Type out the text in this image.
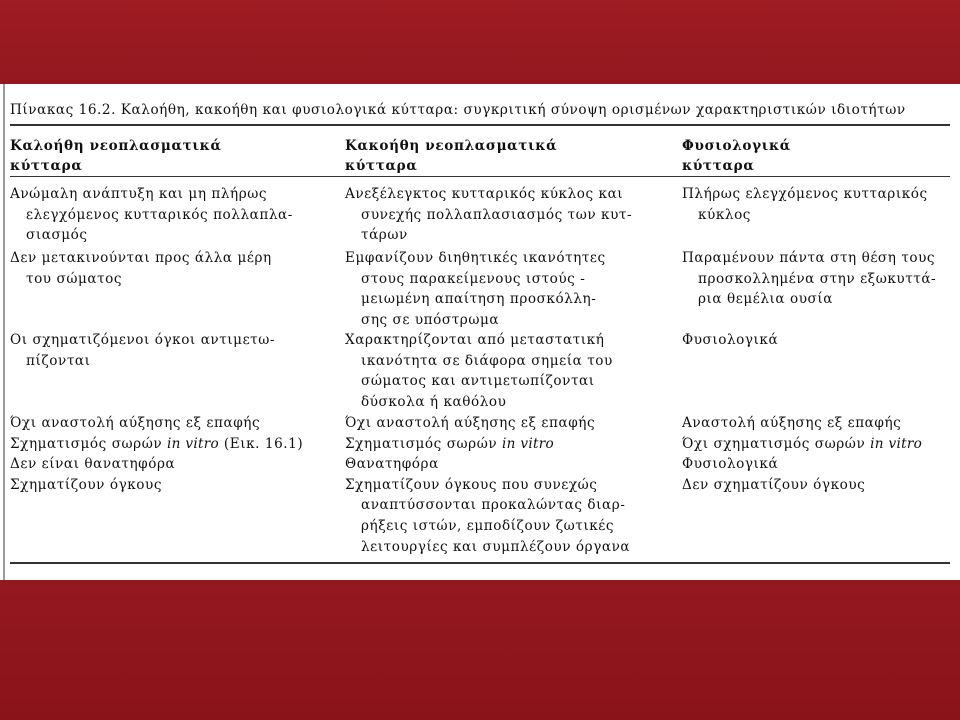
Πίνακας 16.2. Καλοήθη, κακοήθη και φυσιολογικά κύτταρα: συγκριτική σύνοψη ορισμένων χαρακτηριστικών ιδιοτήτων
Καλοήθη νεοπλασματικά
κύτταρα
Κακοήθη νεοπλασματικά
κύτταρα
Φυσιολογικά
κύτταρα
Ανώμαλη ανάπτυξη και μη πλήρως
ελεγχόμενος κυτταρικός πολλαπλα-
σιασμός
Δεν μετακινούνται προς άλλα μέρη
του σώματος
Οι σχηματιζόμενοι όγκοι αντιμετω-
πίζονται
Όχι αναστολή αύξησης εξ επαφής
Σχηματισμός σωρών in vitro (Εικ. 16.1)
Δεν είναι θανατηφόρα
Σχηματίζουν όγκους
Ανεξέλεγκτος κυτταρικός κύκλος και
συνεχής πολλαπλασιασμός των κυτ-
τάρων
Εμφανίζουν διηθητικές ικανότητες
στους παρακείμενους ιστούς -
μειωμένη απαίτηση προσκόλλη-
σης σε υπόστρωμα
Χαρακτηρίζονται από μεταστατική
ικανότητα σε διάφορα σημεία του
σώματος και αντιμετωπίζονται
δύσκολα ή καθόλου
Όχι αναστολή αύξησης εξ επαφής
Σχηματισμός σωρών in vitro
Θανατηφόρα
Σχηματίζουν όγκους που συνεχώς
αναπτύσσονται προκαλώντας διαρ-
ρήξεις ιστών, εμποδίζουν ζωτικές
λειτουργίες και συμπλέζουν όργανα
Πλήρως ελεγχόμενος κυτταρικός
κύκλος
Παραμένουν πάντα στη θέση τους
προσκολλημένα στην εξωκυττά-
ρια θεμέλια ουσία
Φυσιολογικά
Αναστολή αύξησης εξ επαφής
Όχι σχηματισμός σωρών in vitro
Φυσιολογικά
Δεν σχηματίζουν όγκους
